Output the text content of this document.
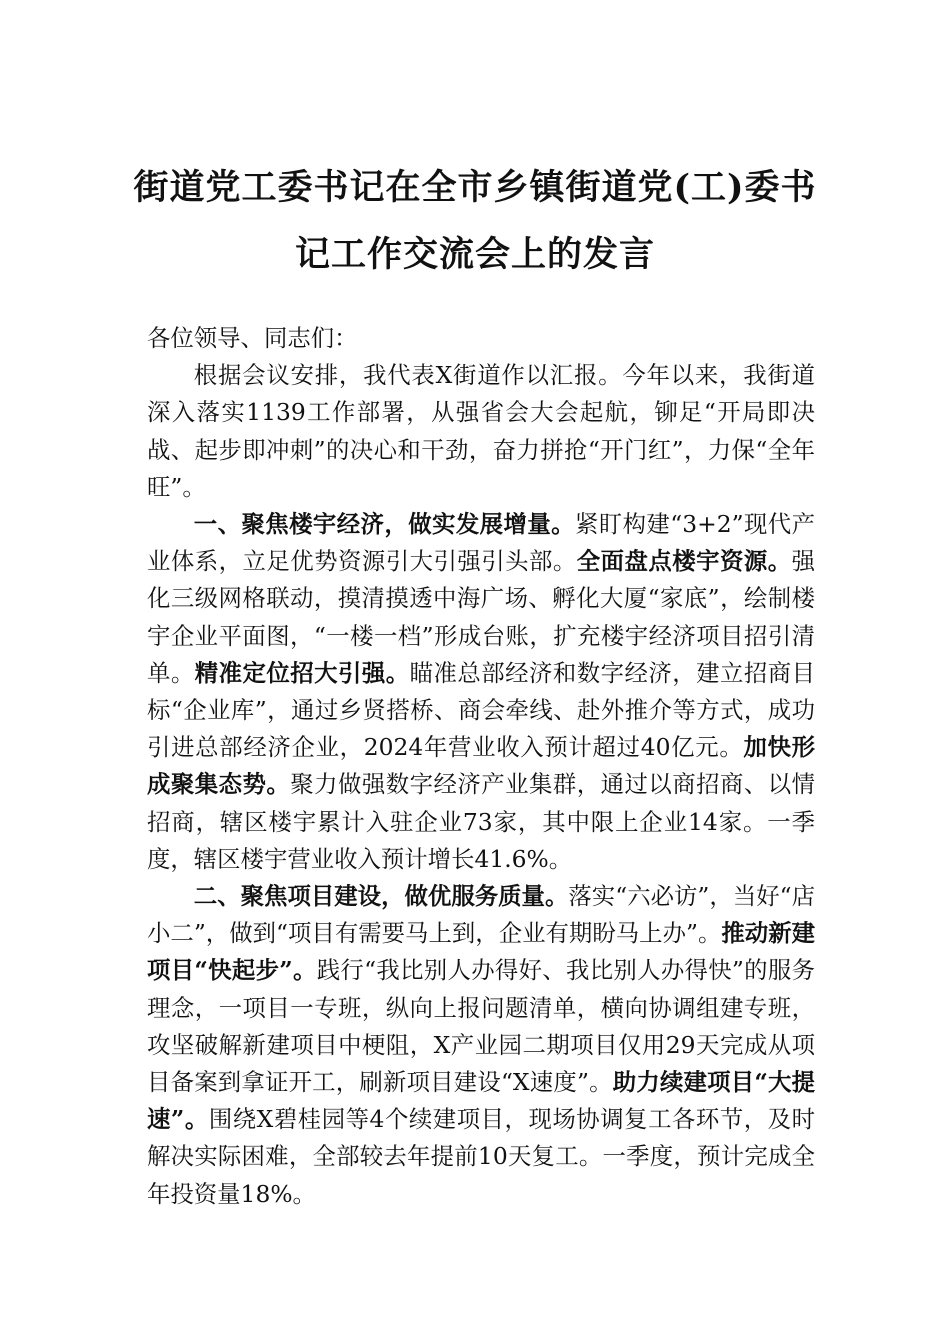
街道党工委书记在全市乡镇街道党(工)委书
记工作交流会上的发言

各位领导、同志们：

根据会议安排，我代表X街道作以汇报。今年以来，我街道深入落实1139工作部署，从强省会大会起航，铆足“开局即决战、起步即冲刺”的决心和干劲，奋力拼抢“开门红”，力保“全年旺”。

一、聚焦楼宇经济，做实发展增量。紧盯构建“3+2”现代产业体系，立足优势资源引大引强引头部。全面盘点楼宇资源。强化三级网格联动，摸清摸透中海广场、孵化大厦“家底”，绘制楼宇企业平面图，“一楼一档”形成台账，扩充楼宇经济项目招引清单。精准定位招大引强。瞄准总部经济和数字经济，建立招商目标“企业库”，通过乡贤搭桥、商会牵线、赴外推介等方式，成功引进总部经济企业，2024年营业收入预计超过40亿元。加快形成聚集态势。聚力做强数字经济产业集群，通过以商招商、以情招商，辖区楼宇累计入驻企业73家，其中限上企业14家。一季度，辖区楼宇营业收入预计增长41.6%。

二、聚焦项目建设，做优服务质量。落实“六必访”，当好“店小二”，做到“项目有需要马上到，企业有期盼马上办”。推动新建项目“快起步”。践行“我比别人办得好、我比别人办得快”的服务理念，一项目一专班，纵向上报问题清单，横向协调组建专班，攻坚破解新建项目中梗阻，X产业园二期项目仅用29天完成从项目备案到拿证开工，刷新项目建设“X速度”。助力续建项目“大提速”。围绕X碧桂园等4个续建项目，现场协调复工各环节，及时解决实际困难，全部较去年提前10天复工。一季度，预计完成全年投资量18%。
